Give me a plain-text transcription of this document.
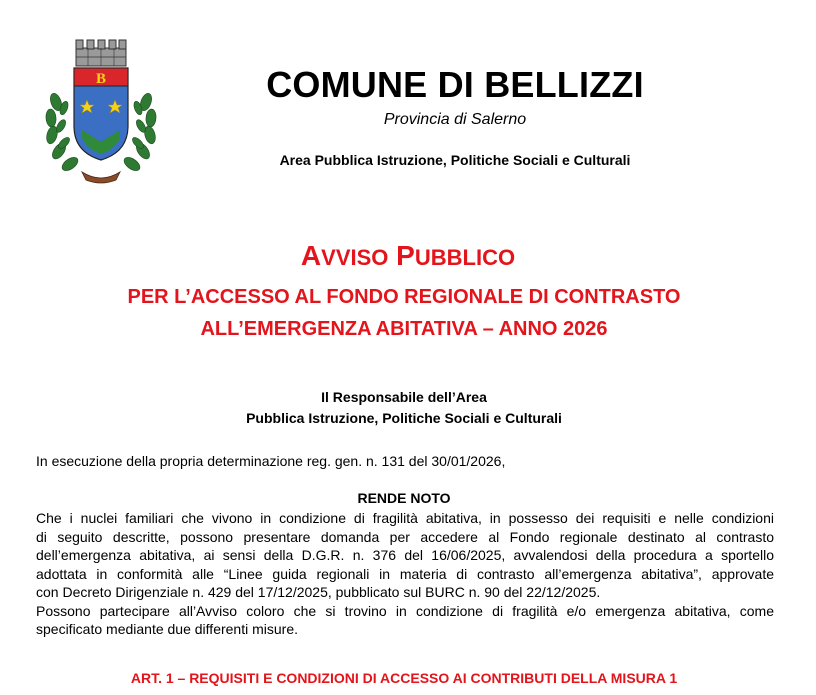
B	COMUNE DI BELLIZZI
Provincia di Salerno
Area Pubblica Istruzione, Politiche Sociali e Culturali
AVVISO PUBBLICO
PER L’ACCESSO AL FONDO REGIONALE DI CONTRASTO
ALL’EMERGENZA ABITATIVA – ANNO 2026
Il Responsabile dell’Area
Pubblica Istruzione, Politiche Sociali e Culturali
In esecuzione della propria determinazione reg. gen. n. 131 del 30/01/2026,
RENDE NOTO
Che i nuclei familiari che vivono in condizione di fragilità abitativa, in possesso dei requisiti e nelle condizioni
di seguito descritte, possono presentare domanda per accedere al Fondo regionale destinato al contrasto
dell’emergenza abitativa, ai sensi della D.G.R. n. 376 del 16/06/2025, avvalendosi della procedura a sportello
adottata in conformità alle “Linee guida regionali in materia di contrasto all’emergenza abitativa”, approvate
con Decreto Dirigenziale n. 429 del 17/12/2025, pubblicato sul BURC n. 90 del 22/12/2025.
Possono partecipare all’Avviso coloro che si trovino in condizione di fragilità e/o emergenza abitativa, come
specificato mediante due differenti misure.
ART. 1 – REQUISITI E CONDIZIONI DI ACCESSO AI CONTRIBUTI DELLA MISURA 1
